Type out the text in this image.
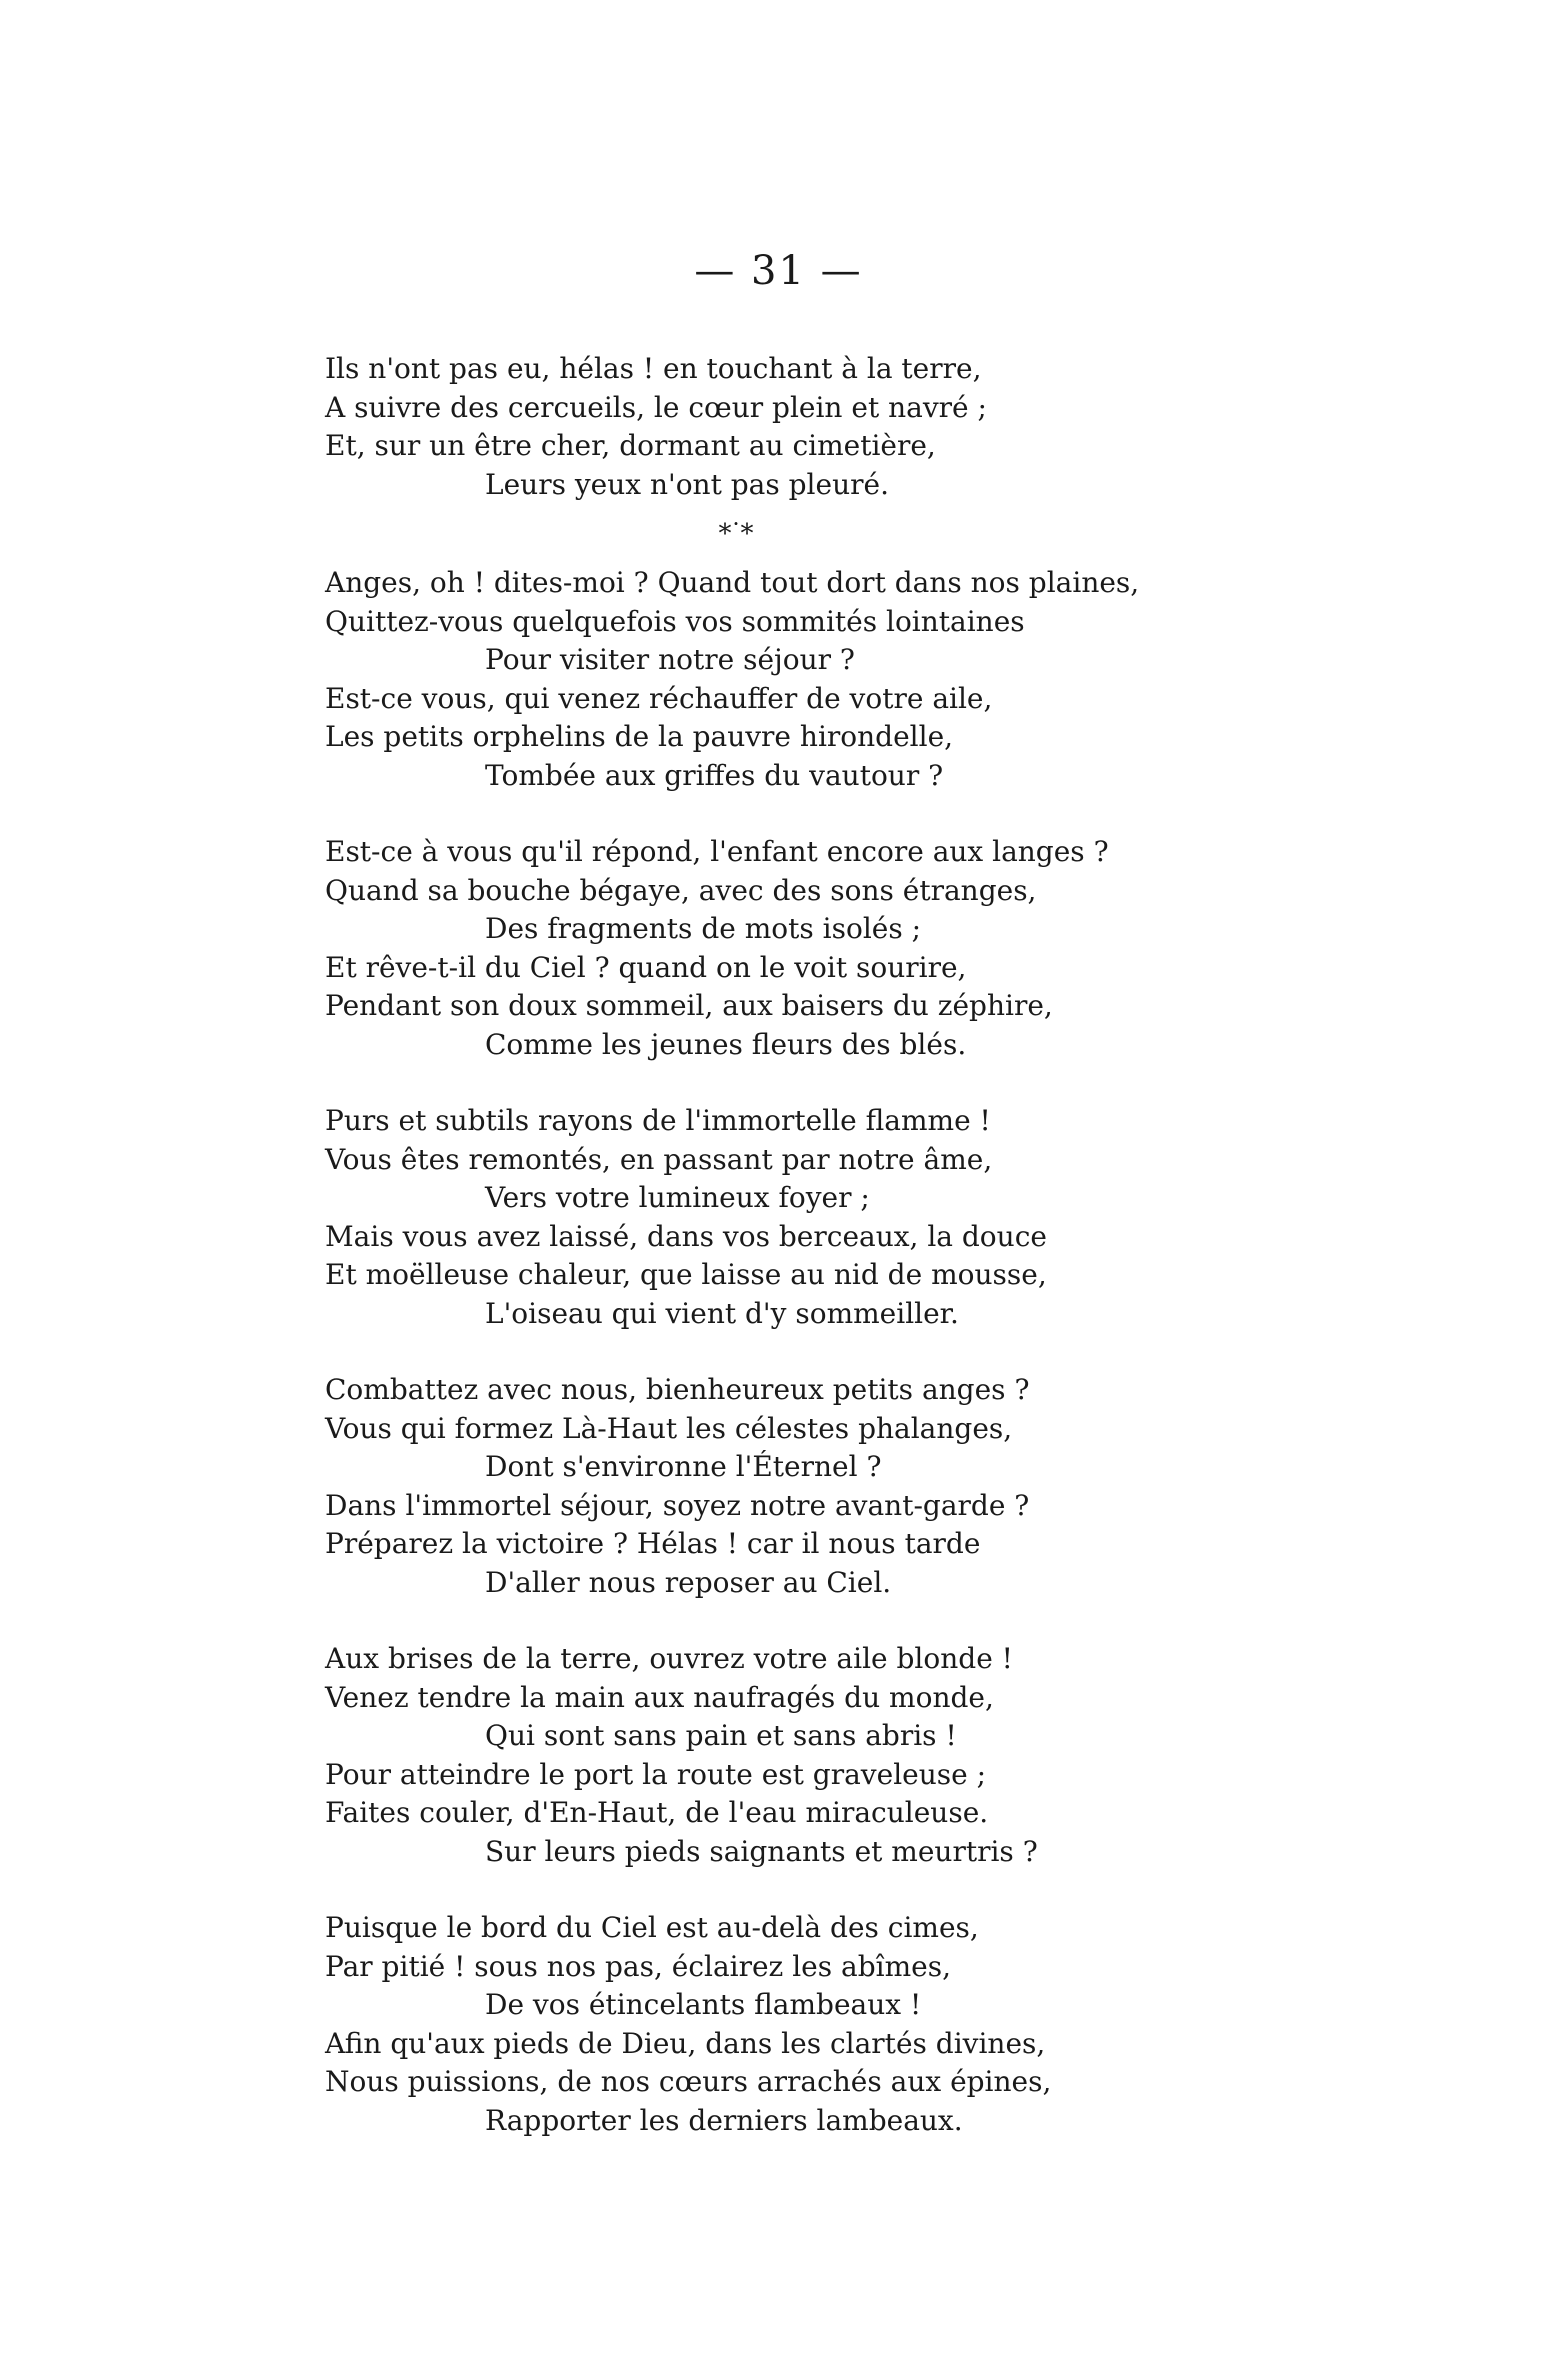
— 31 —
Ils n'ont pas eu, hélas ! en touchant à la terre,
A suivre des cercueils, le cœur plein et navré ;
Et, sur un être cher, dormant au cimetière,
Leurs yeux n'ont pas pleuré.
*˙*
Anges, oh ! dites-moi ? Quand tout dort dans nos plaines,
Quittez-vous quelquefois vos sommités lointaines
Pour visiter notre séjour ?
Est-ce vous, qui venez réchauffer de votre aile,
Les petits orphelins de la pauvre hirondelle,
Tombée aux griffes du vautour ?
Est-ce à vous qu'il répond, l'enfant encore aux langes ?
Quand sa bouche bégaye, avec des sons étranges,
Des fragments de mots isolés ;
Et rêve-t-il du Ciel ? quand on le voit sourire,
Pendant son doux sommeil, aux baisers du zéphire,
Comme les jeunes fleurs des blés.
Purs et subtils rayons de l'immortelle flamme !
Vous êtes remontés, en passant par notre âme,
Vers votre lumineux foyer ;
Mais vous avez laissé, dans vos berceaux, la douce
Et moëlleuse chaleur, que laisse au nid de mousse,
L'oiseau qui vient d'y sommeiller.
Combattez avec nous, bienheureux petits anges ?
Vous qui formez Là-Haut les célestes phalanges,
Dont s'environne l'Éternel ?
Dans l'immortel séjour, soyez notre avant-garde ?
Préparez la victoire ? Hélas ! car il nous tarde
D'aller nous reposer au Ciel.
Aux brises de la terre, ouvrez votre aile blonde !
Venez tendre la main aux naufragés du monde,
Qui sont sans pain et sans abris !
Pour atteindre le port la route est graveleuse ;
Faites couler, d'En-Haut, de l'eau miraculeuse.
Sur leurs pieds saignants et meurtris ?
Puisque le bord du Ciel est au-delà des cimes,
Par pitié ! sous nos pas, éclairez les abîmes,
De vos étincelants flambeaux !
Afin qu'aux pieds de Dieu, dans les clartés divines,
Nous puissions, de nos cœurs arrachés aux épines,
Rapporter les derniers lambeaux.
